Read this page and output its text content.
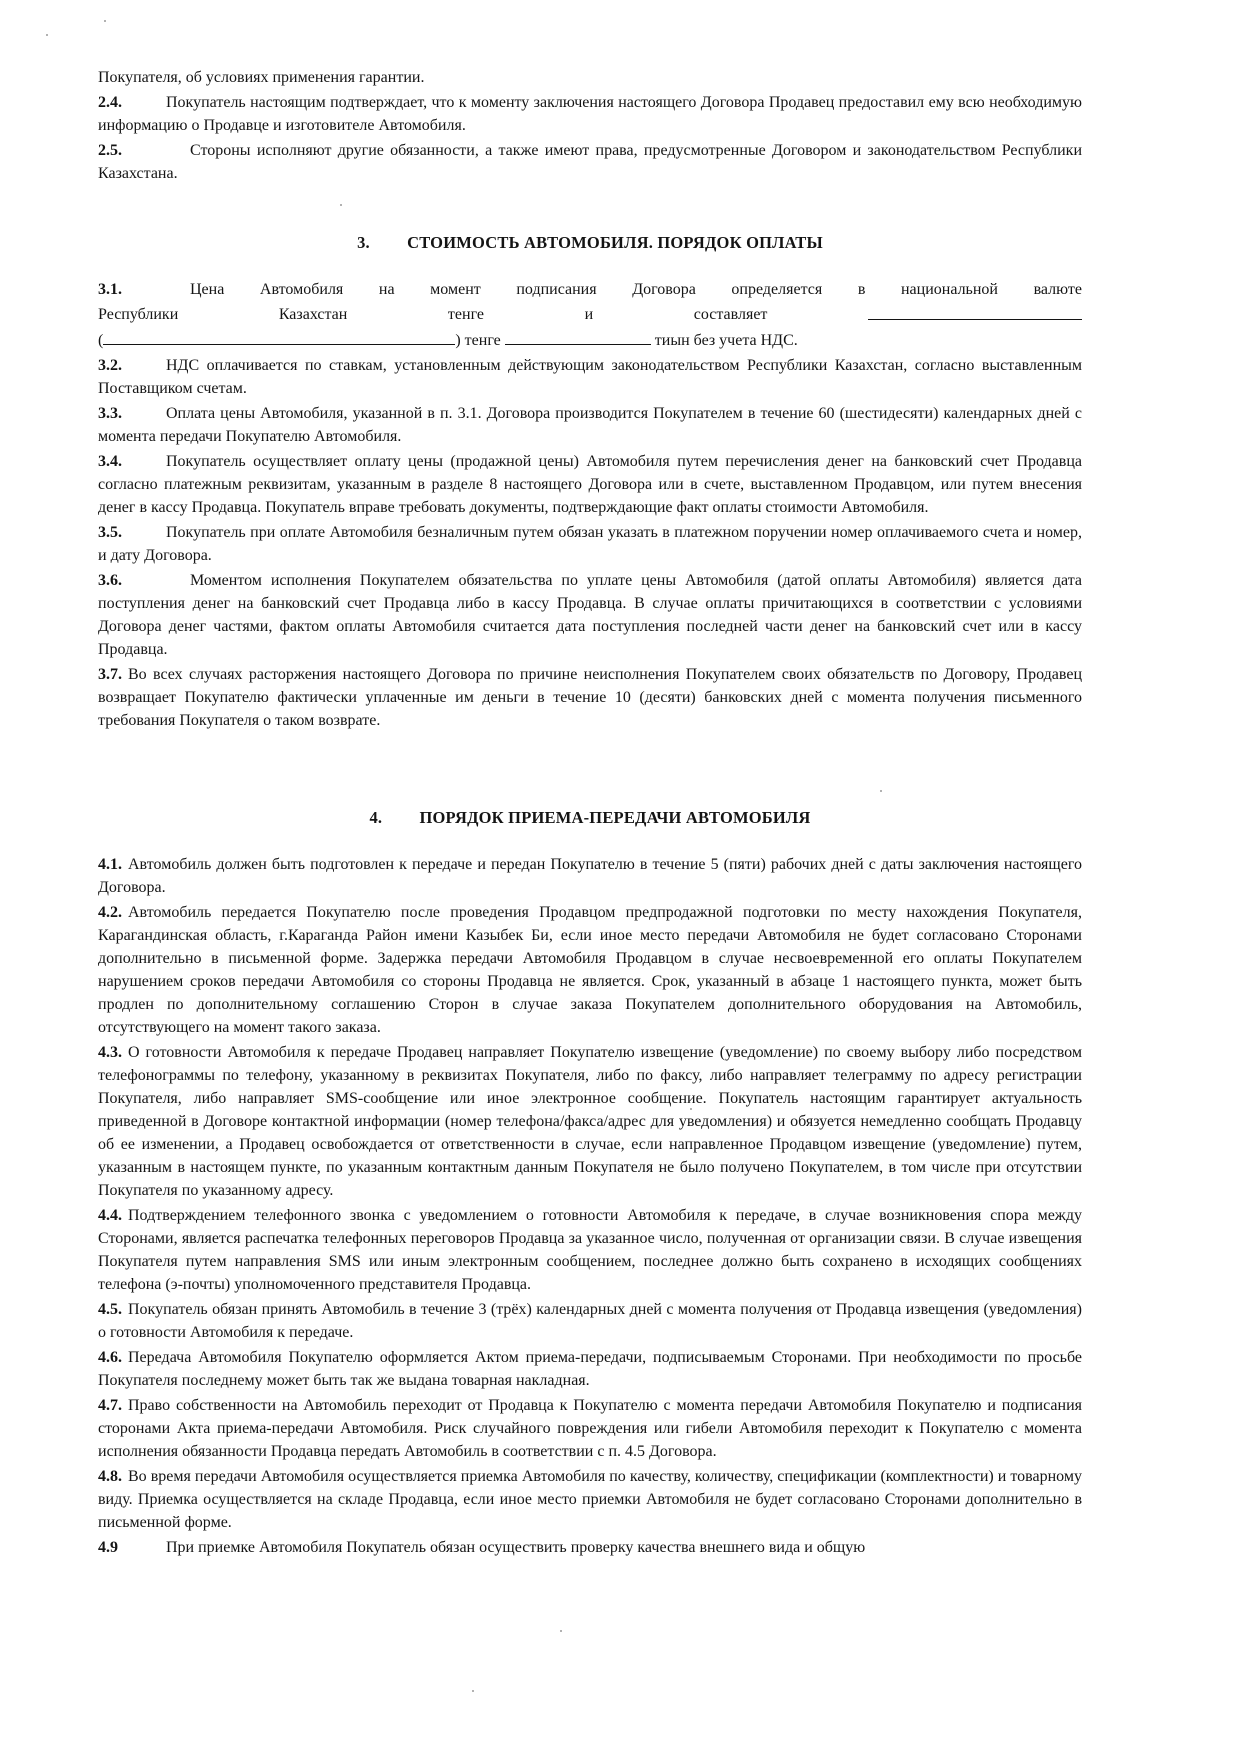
Покупателя, об условиях применения гарантии.

2.4.	Покупатель настоящим подтверждает, что к моменту заключения настоящего Договора Продавец предоставил ему всю необходимую информацию о Продавце и изготовителе Автомобиля.

2.5.	Стороны исполняют другие обязанности, а также имеют права, предусмотренные Договором и законодательством Республики Казахстана.

3. СТОИМОСТЬ АВТОМОБИЛЯ. ПОРЯДОК ОПЛАТЫ

3.1.	Цена Автомобиля на момент подписания Договора определяется в национальной валюте

Республики	Казахстан	тенге	и	составляет

(	) тенге	тиын без учета НДС.

3.2.	НДС оплачивается по ставкам, установленным действующим законодательством Республики Казахстан, согласно выставленным Поставщиком счетам.

3.3.	Оплата цены Автомобиля, указанной в п. 3.1. Договора производится Покупателем в течение 60 (шестидесяти) календарных дней с момента передачи Покупателю Автомобиля.

3.4.	Покупатель осуществляет оплату цены (продажной цены) Автомобиля путем перечисления денег на банковский счет Продавца согласно платежным реквизитам, указанным в разделе 8 настоящего Договора или в счете, выставленном Продавцом, или путем внесения денег в кассу Продавца. Покупатель вправе требовать документы, подтверждающие факт оплаты стоимости Автомобиля.

3.5.	Покупатель при оплате Автомобиля безналичным путем обязан указать в платежном поручении номер оплачиваемого счета и номер, и дату Договора.

3.6.	Моментом исполнения Покупателем обязательства по уплате цены Автомобиля (датой оплаты Автомобиля) является дата поступления денег на банковский счет Продавца либо в кассу Продавца. В случае оплаты причитающихся в соответствии с условиями Договора денег частями, фактом оплаты Автомобиля считается дата поступления последней части денег на банковский счет или в кассу Продавца.

3.7. Во всех случаях расторжения настоящего Договора по причине неисполнения Покупателем своих обязательств по Договору, Продавец возвращает Покупателю фактически уплаченные им деньги в течение 10 (десяти) банковских дней с момента получения письменного требования Покупателя о таком возврате.

4. ПОРЯДОК ПРИЕМА-ПЕРЕДАЧИ АВТОМОБИЛЯ

4.1. Автомобиль должен быть подготовлен к передаче и передан Покупателю в течение 5 (пяти) рабочих дней с даты заключения настоящего Договора.

4.2. Автомобиль передается Покупателю после проведения Продавцом предпродажной подготовки по месту нахождения Покупателя, Карагандинская область, г.Караганда Район имени Казыбек Би, если иное место передачи Автомобиля не будет согласовано Сторонами дополнительно в письменной форме. Задержка передачи Автомобиля Продавцом в случае несвоевременной его оплаты Покупателем нарушением сроков передачи Автомобиля со стороны Продавца не является. Срок, указанный в абзаце 1 настоящего пункта, может быть продлен по дополнительному соглашению Сторон в случае заказа Покупателем дополнительного оборудования на Автомобиль, отсутствующего на момент такого заказа.

4.3. О готовности Автомобиля к передаче Продавец направляет Покупателю извещение (уведомление) по своему выбору либо посредством телефонограммы по телефону, указанному в реквизитах Покупателя, либо по факсу, либо направляет телеграмму по адресу регистрации Покупателя, либо направляет SMS-сообщение или иное электронное сообщение. Покупатель настоящим гарантирует актуальность приведенной в Договоре контактной информации (номер телефона/факса/адрес для уведомления) и обязуется немедленно сообщать Продавцу об ее изменении, а Продавец освобождается от ответственности в случае, если направленное Продавцом извещение (уведомление) путем, указанным в настоящем пункте, по указанным контактным данным Покупателя не было получено Покупателем, в том числе при отсутствии Покупателя по указанному адресу.

4.4. Подтверждением телефонного звонка с уведомлением о готовности Автомобиля к передаче, в случае возникновения спора между Сторонами, является распечатка телефонных переговоров Продавца за указанное число, полученная от организации связи. В случае извещения Покупателя путем направления SMS или иным электронным сообщением, последнее должно быть сохранено в исходящих сообщениях телефона (э-почты) уполномоченного представителя Продавца.

4.5. Покупатель обязан принять Автомобиль в течение 3 (трёх) календарных дней с момента получения от Продавца извещения (уведомления) о готовности Автомобиля к передаче.

4.6. Передача Автомобиля Покупателю оформляется Актом приема-передачи, подписываемым Сторонами. При необходимости по просьбе Покупателя последнему может быть так же выдана товарная накладная.

4.7. Право собственности на Автомобиль переходит от Продавца к Покупателю с момента передачи Автомобиля Покупателю и подписания сторонами Акта приема-передачи Автомобиля. Риск случайного повреждения или гибели Автомобиля переходит к Покупателю с момента исполнения обязанности Продавца передать Автомобиль в соответствии с п. 4.5 Договора.

4.8. Во время передачи Автомобиля осуществляется приемка Автомобиля по качеству, количеству, спецификации (комплектности) и товарному виду. Приемка осуществляется на складе Продавца, если иное место приемки Автомобиля не будет согласовано Сторонами дополнительно в письменной форме.

4.9	При приемке Автомобиля Покупатель обязан осуществить проверку качества внешнего вида и общую
